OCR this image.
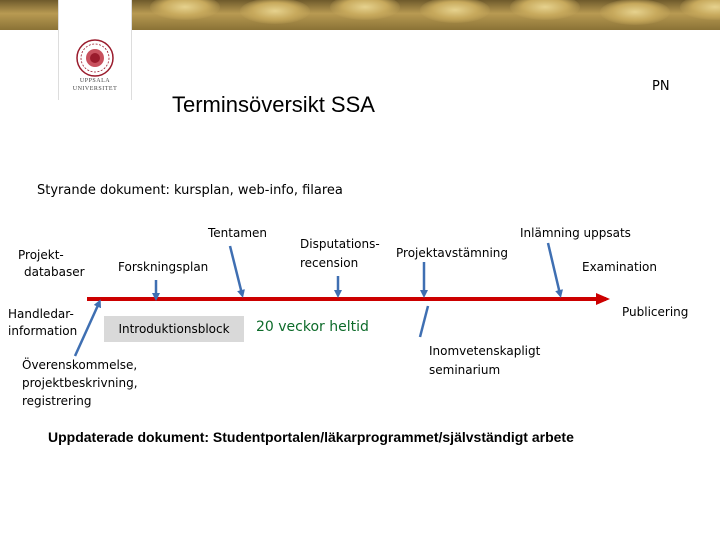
UPPSALA
UNIVERSITET	PN
Terminsöversikt SSA
Styrande dokument: kursplan, web-info, filarea
Projekt-
databaser
Handledar-
information
Tentamen
Forskningsplan
Introduktionsblock	20 veckor heltid
Disputations-
recension
Projektavstämning
Inlämning uppsats
Examination
Publicering
Inomvetenskapligt
seminarium
Överenskommelse,
projektbeskrivning,
registrering
Uppdaterade dokument: Studentportalen/läkarprogrammet/självständigt arbete
